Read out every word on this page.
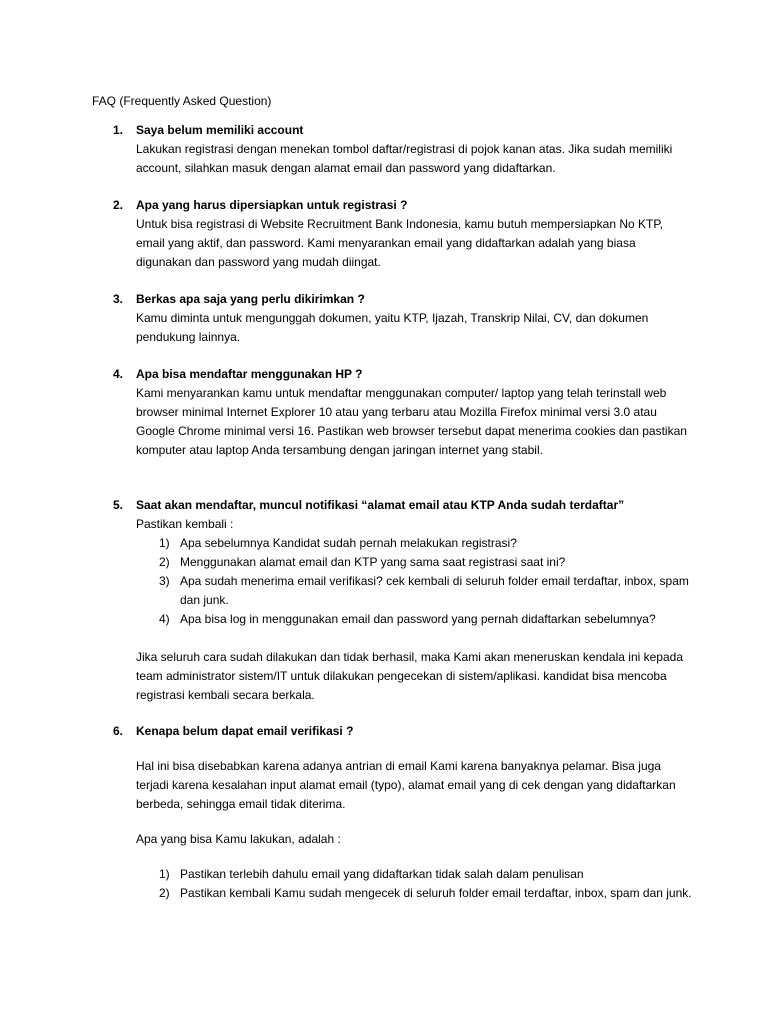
FAQ (Frequently Asked Question)
1.	Saya belum memiliki account

Lakukan registrasi dengan menekan tombol daftar/registrasi di pojok kanan atas. Jika sudah memiliki account, silahkan masuk dengan alamat email dan password yang didaftarkan.

2.	Apa yang harus dipersiapkan untuk registrasi ?

Untuk bisa registrasi di Website Recruitment Bank Indonesia, kamu butuh mempersiapkan No KTP, email yang aktif, dan password. Kami menyarankan email yang didaftarkan adalah yang biasa digunakan dan password yang mudah diingat.

3.	Berkas apa saja yang perlu dikirimkan ?

Kamu diminta untuk mengunggah dokumen, yaitu KTP, Ijazah, Transkrip Nilai, CV, dan dokumen pendukung lainnya.

4.	Apa bisa mendaftar menggunakan HP ?

Kami menyarankan kamu untuk mendaftar menggunakan computer/ laptop yang telah terinstall web browser minimal Internet Explorer 10 atau yang terbaru atau Mozilla Firefox minimal versi 3.0 atau Google Chrome minimal versi 16. Pastikan web browser tersebut dapat menerima cookies dan pastikan komputer atau laptop Anda tersambung dengan jaringan internet yang stabil.

5.	Saat akan mendaftar, muncul notifikasi “alamat email atau KTP Anda sudah terdaftar”

Pastikan kembali :

1) Apa sebelumnya Kandidat sudah pernah melakukan registrasi?
2) Menggunakan alamat email dan KTP yang sama saat registrasi saat ini?
3) Apa sudah menerima email verifikasi? cek kembali di seluruh folder email terdaftar, inbox, spam dan junk.
4) Apa bisa log in menggunakan email dan password yang pernah didaftarkan sebelumnya?

Jika seluruh cara sudah dilakukan dan tidak berhasil, maka Kami akan meneruskan kendala ini kepada team administrator sistem/IT untuk dilakukan pengecekan di sistem/aplikasi. kandidat bisa mencoba registrasi kembali secara berkala.

6.	Kenapa belum dapat email verifikasi ?

Hal ini bisa disebabkan karena adanya antrian di email Kami karena banyaknya pelamar. Bisa juga terjadi karena kesalahan input alamat email (typo), alamat email yang di cek dengan yang didaftarkan berbeda, sehingga email tidak diterima.

Apa yang bisa Kamu lakukan, adalah :

1) Pastikan terlebih dahulu email yang didaftarkan tidak salah dalam penulisan
2) Pastikan kembali Kamu sudah mengecek di seluruh folder email terdaftar, inbox, spam dan junk.
